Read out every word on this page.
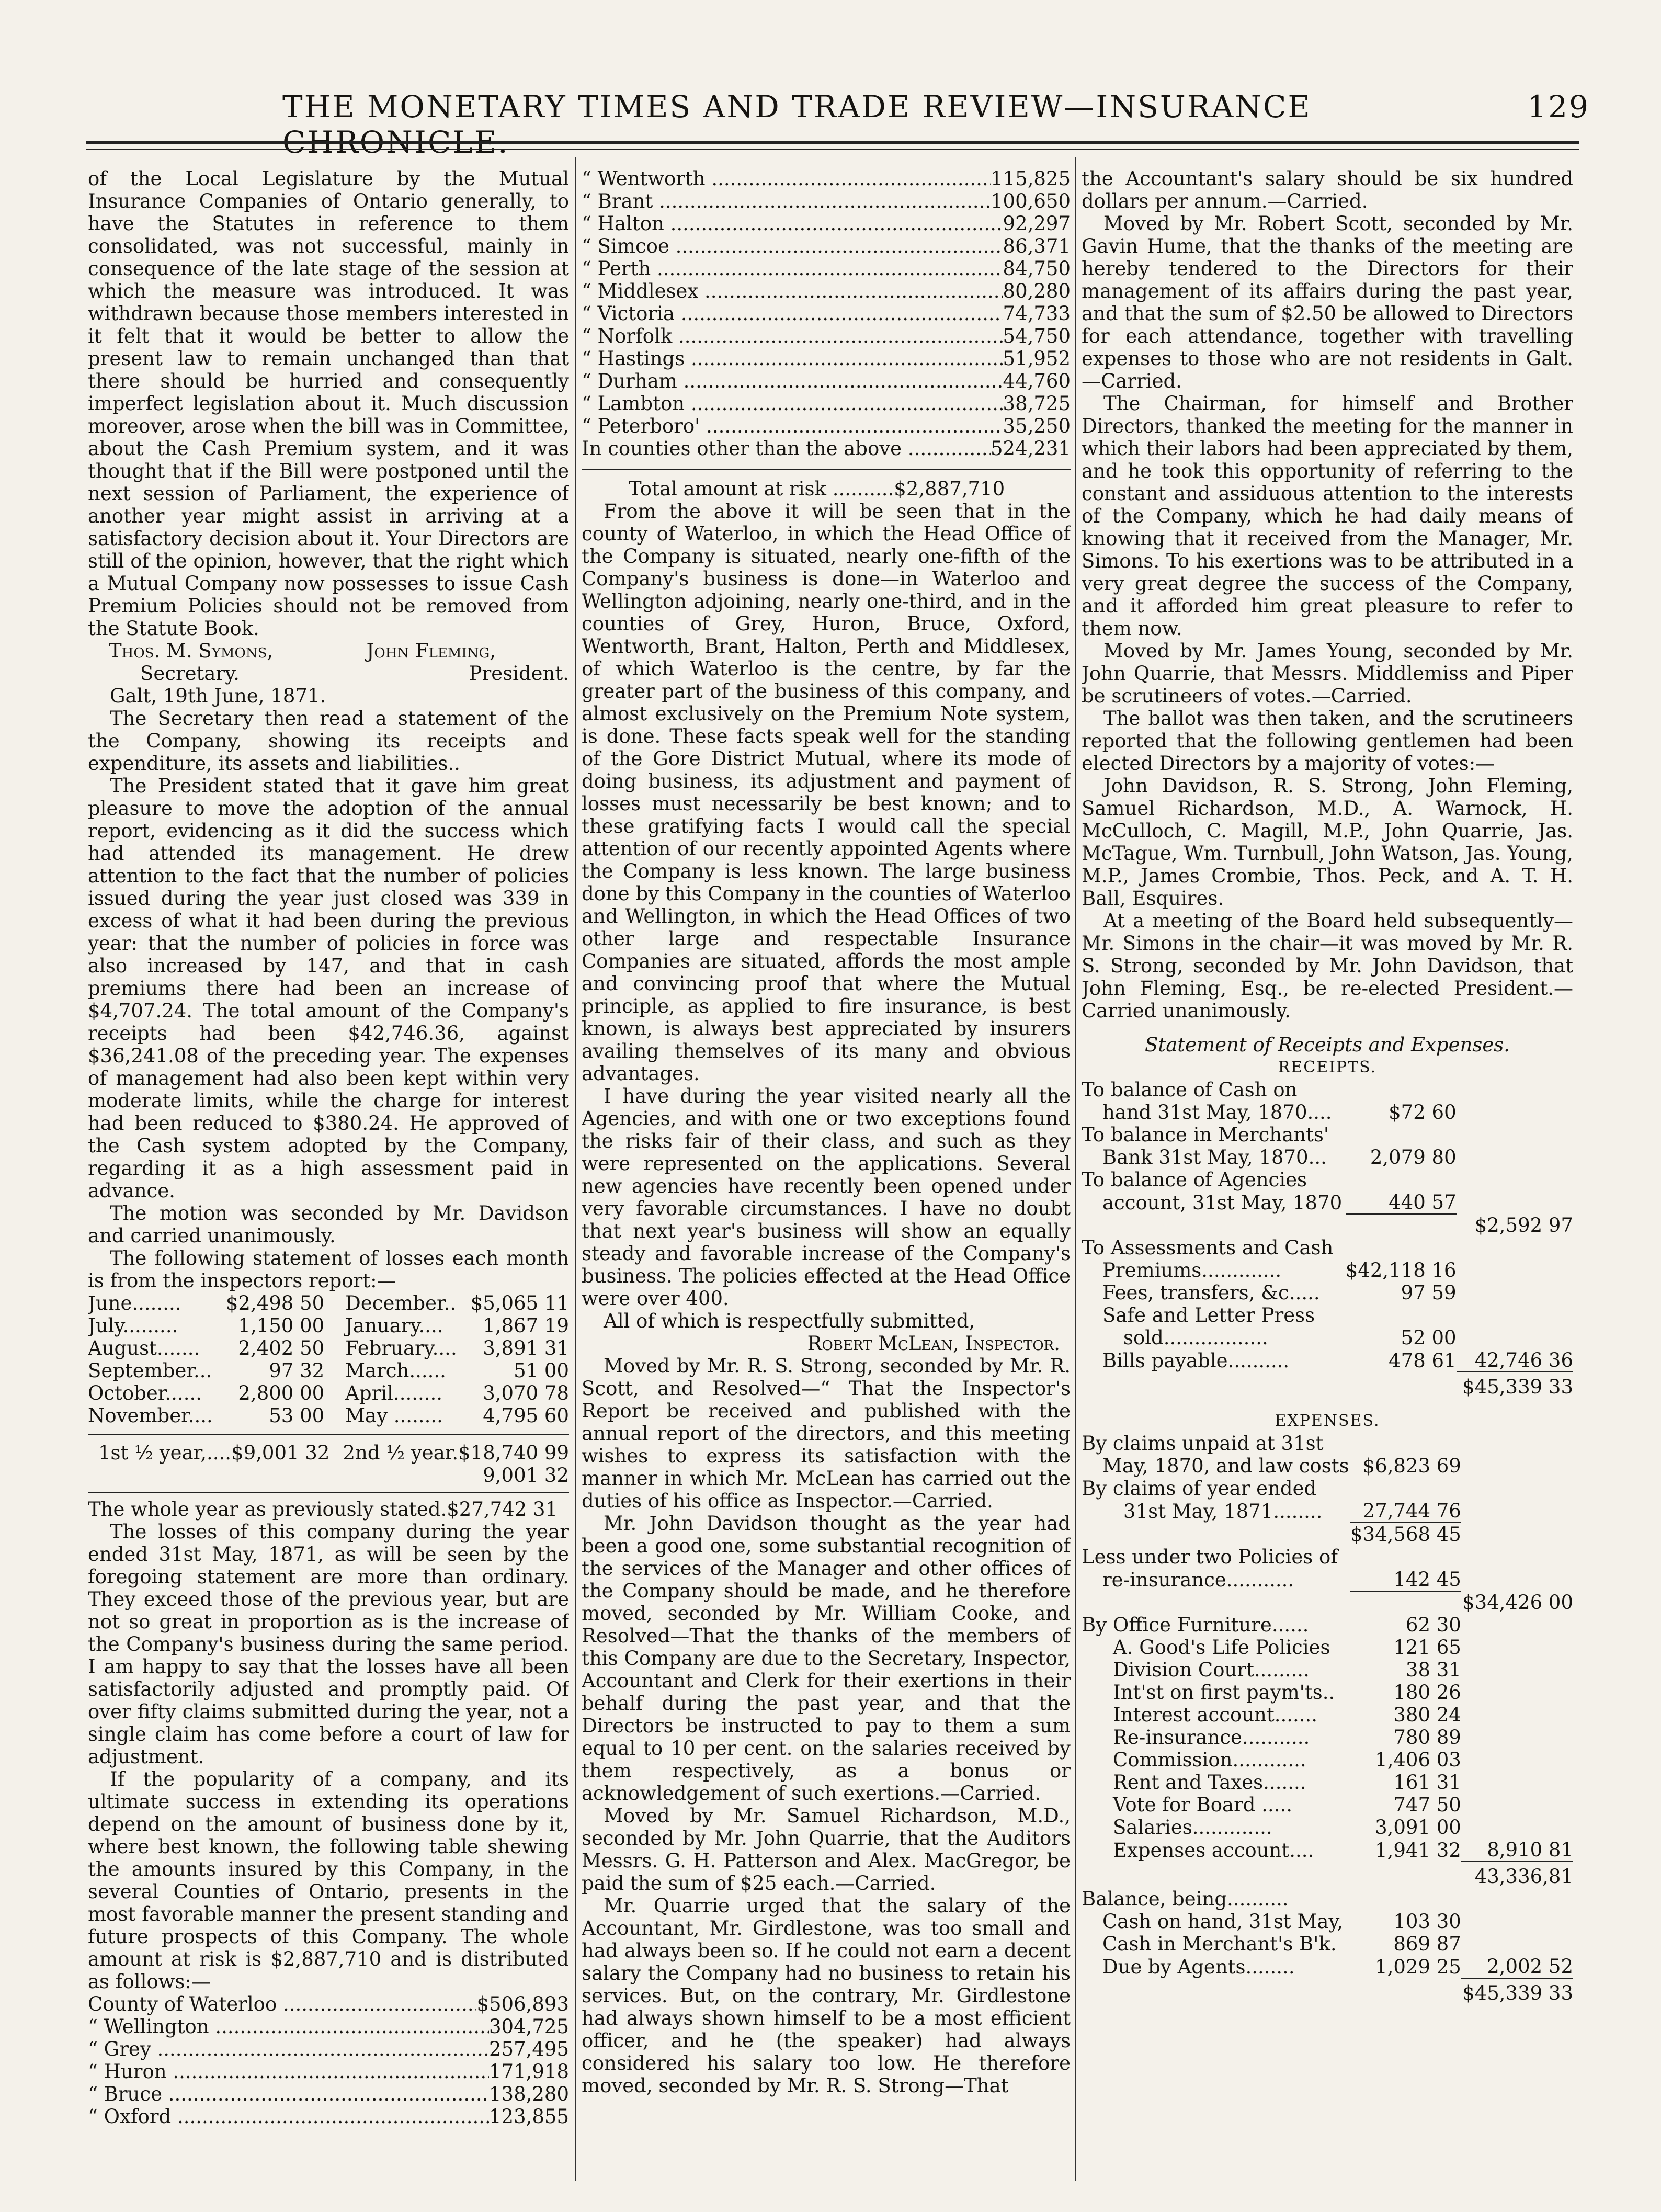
THE MONETARY TIMES AND TRADE REVIEW—INSURANCE CHRONICLE.
129

of the Local Legislature by the Mutual Insurance Companies of Ontario generally, to have the Statutes in reference to them consolidated, was not successful, mainly in consequence of the late stage of the session at which the measure was introduced. It was withdrawn because those members interested in it felt that it would be better to allow the present law to remain unchanged than that there should be hurried and consequently imperfect legislation about it. Much discussion moreover, arose when the bill was in Committee, about the Cash Premium system, and it was thought that if the Bill were postponed until the next session of Parliament, the experience of another year might assist in arriving at a satisfactory decision about it. Your Directors are still of the opinion, however, that the right which a Mutual Company now possesses to issue Cash Premium Policies should not be removed from the Statute Book.

Thos. M. Symons,	John Fleming,
Secretary.	President.

Galt, 19th June, 1871.

The Secretary then read a statement of the the Company, showing its receipts and expenditure, its assets and liabilities..

The President stated that it gave him great pleasure to move the adoption of the annual report, evidencing as it did the success which had attended its management. He drew attention to the fact that the number of policies issued during the year just closed was 339 in excess of what it had been during the previous year: that the number of policies in force was also increased by 147, and that in cash premiums there had been an increase of $4,707.24. The total amount of the Company's receipts had been $42,746.36, against $36,241.08 of the preceding year. The expenses of management had also been kept within very moderate limits, while the charge for interest had been reduced to $380.24. He approved of the Cash system adopted by the Company, regarding it as a high assessment paid in advance.

The motion was seconded by Mr. Davidson and carried unanimously.

The following statement of losses each month is from the inspectors report:—

June........	$2,498 50	December..	$5,065 11
July.........	1,150 00	January....	1,867 19
August.......	2,402 50	February....	3,891 31
September...	97 32	March......	51 00
October......	2,800 00	April........	3,070 78
November....	53 00	May ........	4,795 60
1st ½ year,....$9,001 32 2nd ½ year.$18,740 99
9,001 32

The whole year as previously stated.$27,742 31

The losses of this company during the year ended 31st May, 1871, as will be seen by the foregoing statement are more than ordinary. They exceed those of the previous year, but are not so great in proportion as is the increase of the Company's business during the same period. I am happy to say that the losses have all been satisfactorily adjusted and promptly paid. Of over fifty claims submitted during the year, not a single claim has come before a court of law for adjustment.

If the popularity of a company, and its ultimate success in extending its operations depend on the amount of business done by it, where best known, the following table shewing the amounts insured by this Company, in the several Counties of Ontario, presents in the most favorable manner the present standing and future prospects of this Company. The whole amount at risk is $2,887,710 and is distributed as follows:—

County of Waterloo .....	$506,893
“ Wellington .....	304,725
“ Grey .....	257,495
“ Huron .....	171,918
“ Bruce .....	138,280
“ Oxford .....	123,855
“ Wentworth .....	115,825
“ Brant .....	100,650
“ Halton .....	92,297
“ Simcoe .....	86,371
“ Perth .....	84,750
“ Middlesex .....	80,280
“ Victoria .....	74,733
“ Norfolk .....	54,750
“ Hastings .....	51,952
“ Durham .....	44,760
“ Lambton .....	38,725
“ Peterboro' .....	35,250
In counties other than the above .....	524,231

Total amount at risk ..........$2,887,710

From the above it will be seen that in the county of Waterloo, in which the Head Office of the Company is situated, nearly one-fifth of the Company's business is done—in Waterloo and Wellington adjoining, nearly one-third, and in the counties of Grey, Huron, Bruce, Oxford, Wentworth, Brant, Halton, Perth and Middlesex, of which Waterloo is the centre, by far the greater part of the business of this company, and almost exclusively on the Premium Note system, is done. These facts speak well for the standing of the Gore District Mutual, where its mode of doing business, its adjustment and payment of losses must necessarily be best known; and to these gratifying facts I would call the special attention of our recently appointed Agents where the Company is less known. The large business done by this Company in the counties of Waterloo and Wellington, in which the Head Offices of two other large and respectable Insurance Companies are situated, affords the most ample and convincing proof that where the Mutual principle, as applied to fire insurance, is best known, is always best appreciated by insurers availing themselves of its many and obvious advantages.

I have during the year visited nearly all the Agencies, and with one or two exceptions found the risks fair of their class, and such as they were represented on the applications. Several new agencies have recently been opened under very favorable circumstances. I have no doubt that next year's business will show an equally steady and favorable increase of the Company's business. The policies effected at the Head Office were over 400.

All of which is respectfully submitted,

Robert McLean, Inspector.

Moved by Mr. R. S. Strong, seconded by Mr. R. Scott, and Resolved—“ That the Inspector's Report be received and published with the annual report of the directors, and this meeting wishes to express its satisfaction with the manner in which Mr. McLean has carried out the duties of his office as Inspector.—Carried.

Mr. John Davidson thought as the year had been a good one, some substantial recognition of the services of the Manager and other offices of the Company should be made, and he therefore moved, seconded by Mr. William Cooke, and Resolved—That the thanks of the members of this Company are due to the Secretary, Inspector, Accountant and Clerk for their exertions in their behalf during the past year, and that the Directors be instructed to pay to them a sum equal to 10 per cent. on the salaries received by them respectively, as a bonus or acknowledgement of such exertions.—Carried.

Moved by Mr. Samuel Richardson, M.D., seconded by Mr. John Quarrie, that the Auditors Messrs. G. H. Patterson and Alex. MacGregor, be paid the sum of $25 each.—Carried.

Mr. Quarrie urged that the salary of the Accountant, Mr. Girdlestone, was too small and had always been so. If he could not earn a decent salary the Company had no business to retain his services. But, on the contrary, Mr. Girdlestone had always shown himself to be a most efficient officer, and he (the speaker) had always considered his salary too low. He therefore moved, seconded by Mr. R. S. Strong—That

the Accountant's salary should be six hundred dollars per annum.—Carried.

Moved by Mr. Robert Scott, seconded by Mr. Gavin Hume, that the thanks of the meeting are hereby tendered to the Directors for their management of its affairs during the past year, and that the sum of $2.50 be allowed to Directors for each attendance, together with travelling expenses to those who are not residents in Galt.—Carried.

The Chairman, for himself and Brother Directors, thanked the meeting for the manner in which their labors had been appreciated by them, and he took this opportunity of referring to the constant and assiduous attention to the interests of the Company, which he had daily means of knowing that it received from the Manager, Mr. Simons. To his exertions was to be attributed in a very great degree the success of the Company, and it afforded him great pleasure to refer to them now.

Moved by Mr. James Young, seconded by Mr. John Quarrie, that Messrs. Middlemiss and Piper be scrutineers of votes.—Carried.

The ballot was then taken, and the scrutineers reported that the following gentlemen had been elected Directors by a majority of votes:—

John Davidson, R. S. Strong, John Fleming, Samuel Richardson, M.D., A. Warnock, H. McCulloch, C. Magill, M.P., John Quarrie, Jas. McTague, Wm. Turnbull, John Watson, Jas. Young, M.P., James Crombie, Thos. Peck, and A. T. H. Ball, Esquires.

At a meeting of the Board held subsequently—Mr. Simons in the chair—it was moved by Mr. R. S. Strong, seconded by Mr. John Davidson, that John Fleming, Esq., be re-elected President.—Carried unanimously.

Statement of Receipts and Expenses.

RECEIPTS.

To balance of Cash on			
hand 31st May, 1870....	$72 60		
To balance in Merchants'			
Bank 31st May, 1870...	2,079 80		
To balance of Agencies			
account, 31st May, 1870	440 57		
			$2,592 97
To Assessments and Cash			
Premiums.............	$42,118 16		
Fees, transfers, &c.....	97 59		
Safe and Letter Press			
sold.................	52 00		
Bills payable..........	478 61		42,746 36
			$45,339 33

EXPENSES.

By claims unpaid at 31st		
May, 1870, and law costs	$6,823 69	
By claims of year ended		
31st May, 1871........	27,744 76	
	$34,568 45	
Less under two Policies of		
re-insurance...........	142 45	
		$34,426 00
By Office Furniture......	62 30	
A. Good's Life Policies	121 65	
Division Court.........	38 31	
Int'st on first paym'ts..	180 26	
Interest account.......	380 24	
Re-insurance...........	780 89	
Commission............	1,406 03	
Rent and Taxes.......	161 31	
Vote for Board .....	747 50	
Salaries.............	3,091 00	
Expenses account....	1,941 32	8,910 81
		43,336,81
Balance, being..........		
Cash on hand, 31st May,	103 30	
Cash in Merchant's B'k.	869 87	
Due by Agents........	1,029 25	2,002 52
		$45,339 33
